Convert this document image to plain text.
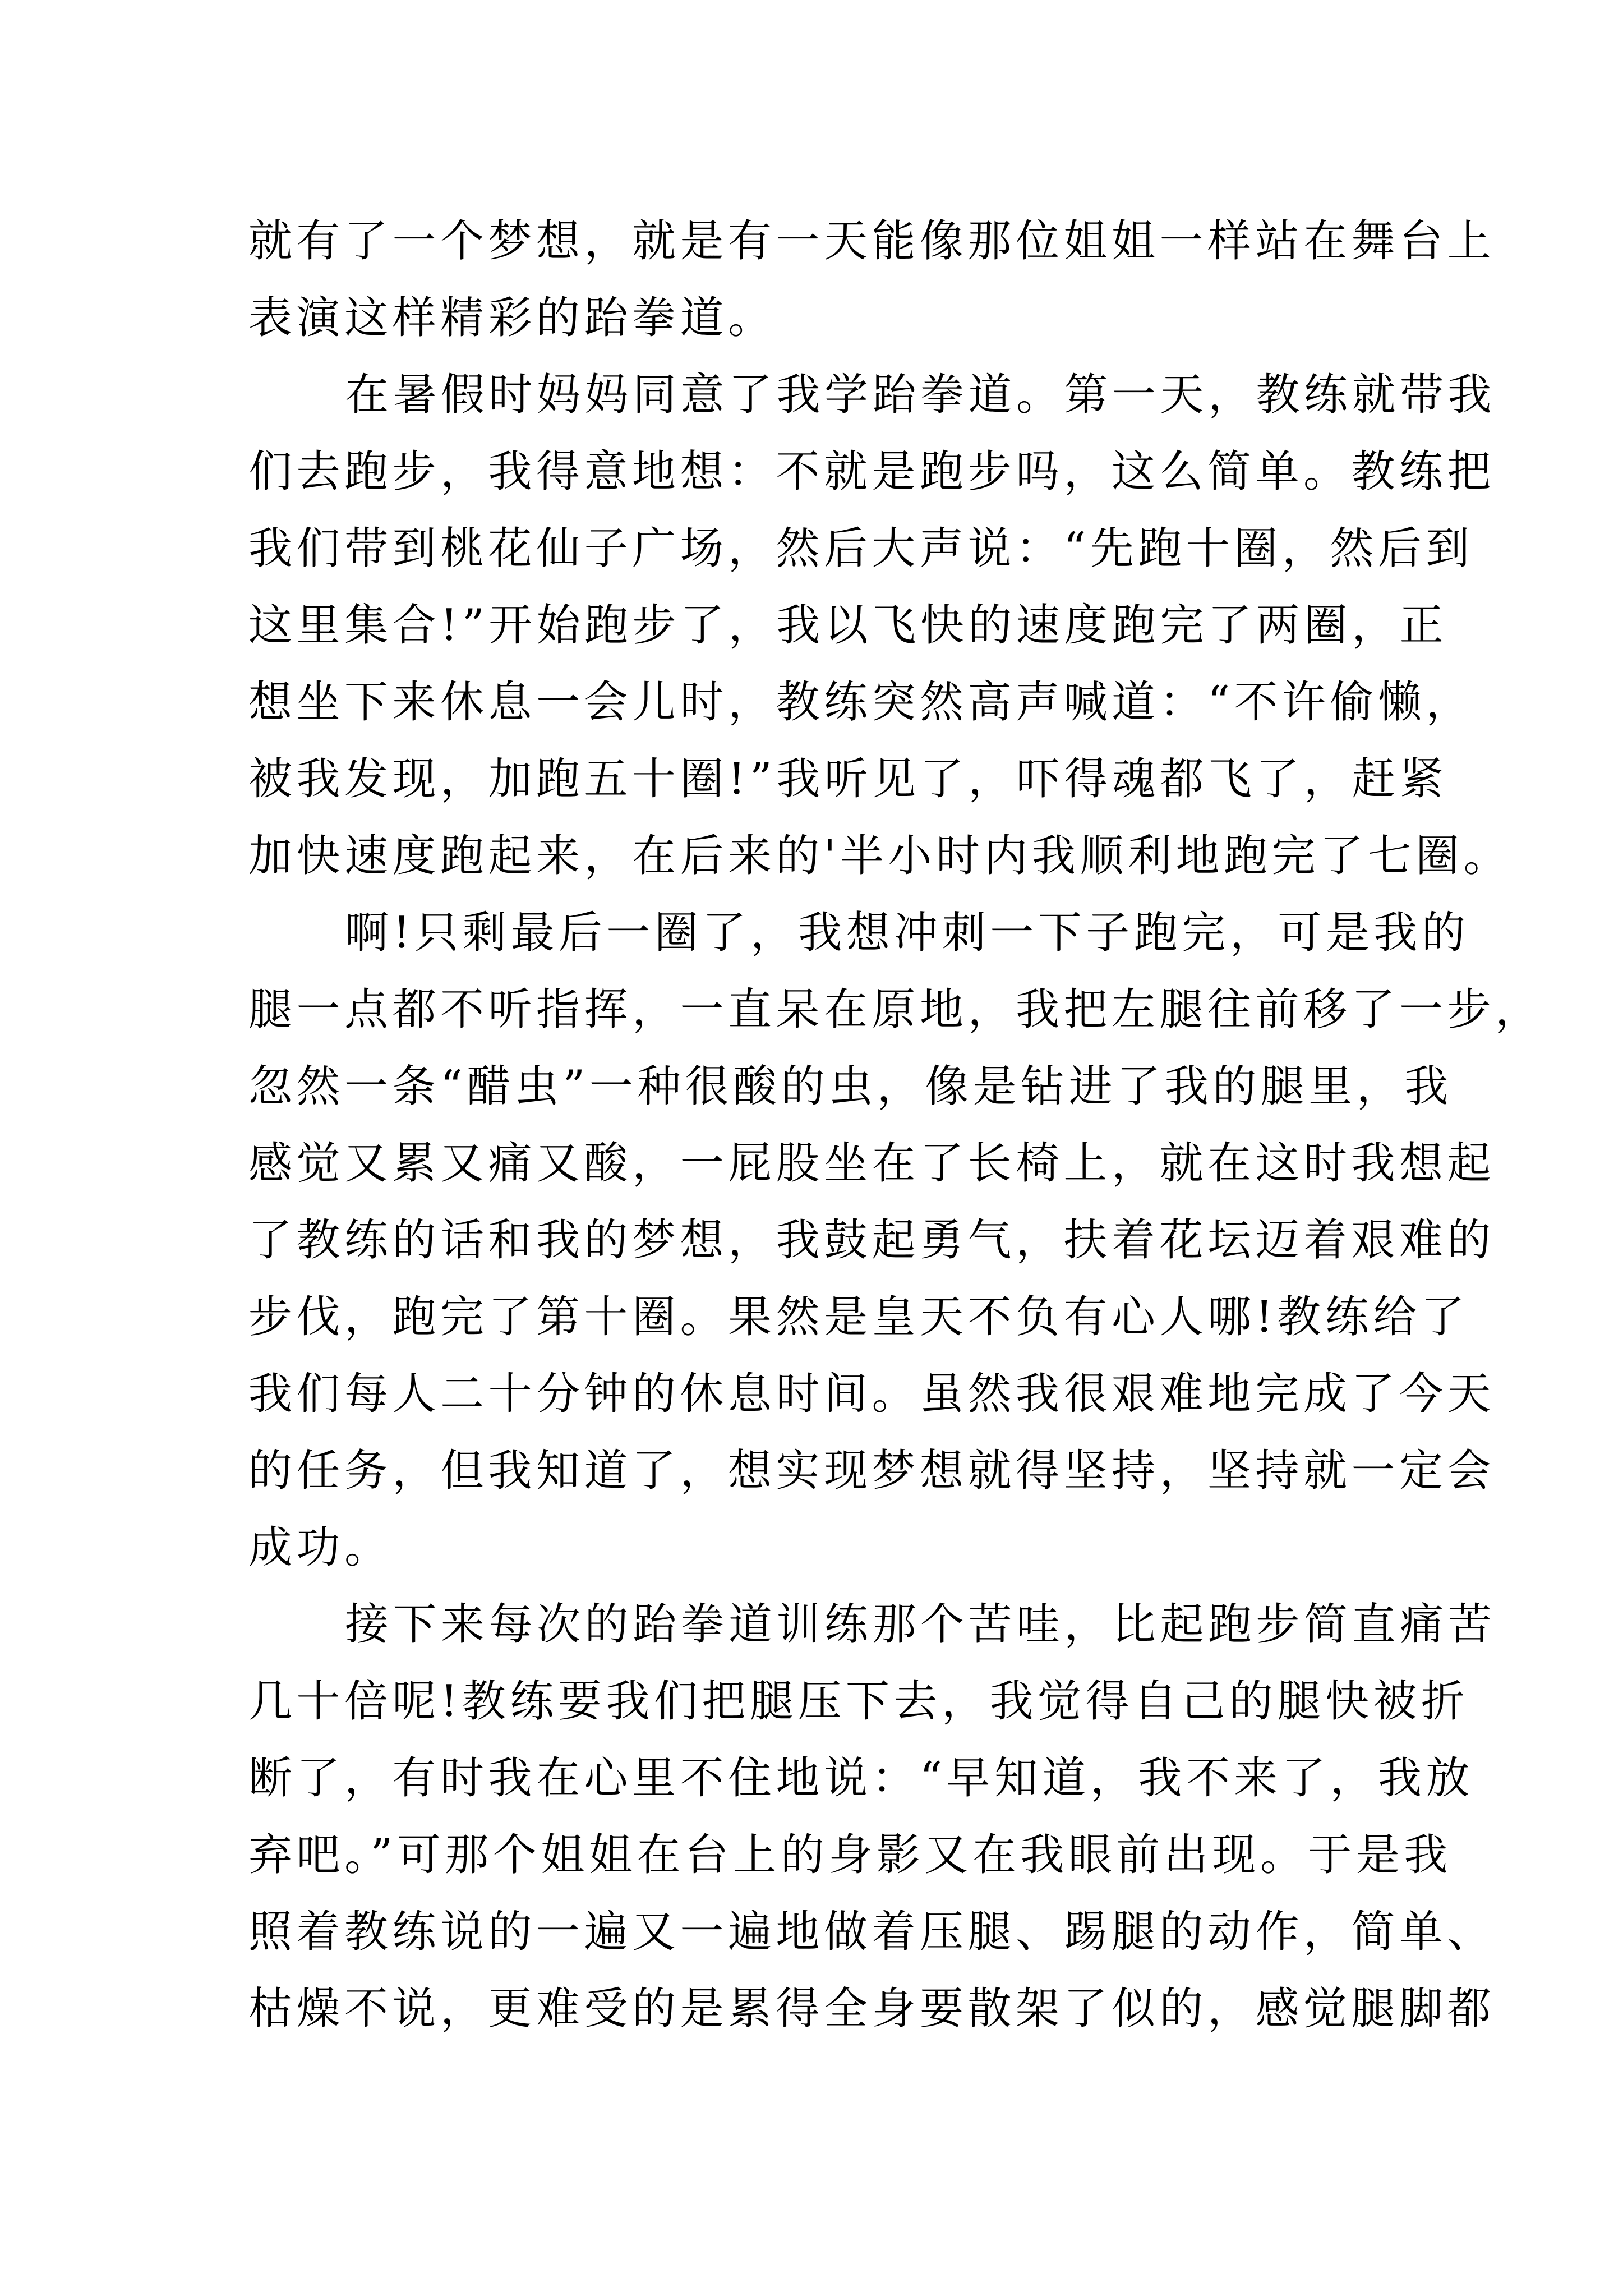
就有了一个梦想，就是有一天能像那位姐姐一样站在舞台上
表演这样精彩的跆拳道。
在暑假时妈妈同意了我学跆拳道。第一天，教练就带我
们去跑步，我得意地想：不就是跑步吗，这么简单。教练把
我们带到桃花仙子广场，然后大声说：“先跑十圈，然后到
这里集合!”开始跑步了，我以飞快的速度跑完了两圈，正
想坐下来休息一会儿时，教练突然高声喊道：“不许偷懒，
被我发现，加跑五十圈!”我听见了，吓得魂都飞了，赶紧
加快速度跑起来，在后来的'半小时内我顺利地跑完了七圈。
啊!只剩最后一圈了，我想冲刺一下子跑完，可是我的
腿一点都不听指挥，一直呆在原地，我把左腿往前移了一步，
忽然一条“醋虫”一种很酸的虫，像是钻进了我的腿里，我
感觉又累又痛又酸，一屁股坐在了长椅上，就在这时我想起
了教练的话和我的梦想，我鼓起勇气，扶着花坛迈着艰难的
步伐，跑完了第十圈。果然是皇天不负有心人哪!教练给了
我们每人二十分钟的休息时间。虽然我很艰难地完成了今天
的任务，但我知道了，想实现梦想就得坚持，坚持就一定会
成功。
接下来每次的跆拳道训练那个苦哇，比起跑步简直痛苦
几十倍呢!教练要我们把腿压下去，我觉得自己的腿快被折
断了，有时我在心里不住地说：“早知道，我不来了，我放
弃吧。”可那个姐姐在台上的身影又在我眼前出现。于是我
照着教练说的一遍又一遍地做着压腿、踢腿的动作，简单、
枯燥不说，更难受的是累得全身要散架了似的，感觉腿脚都
